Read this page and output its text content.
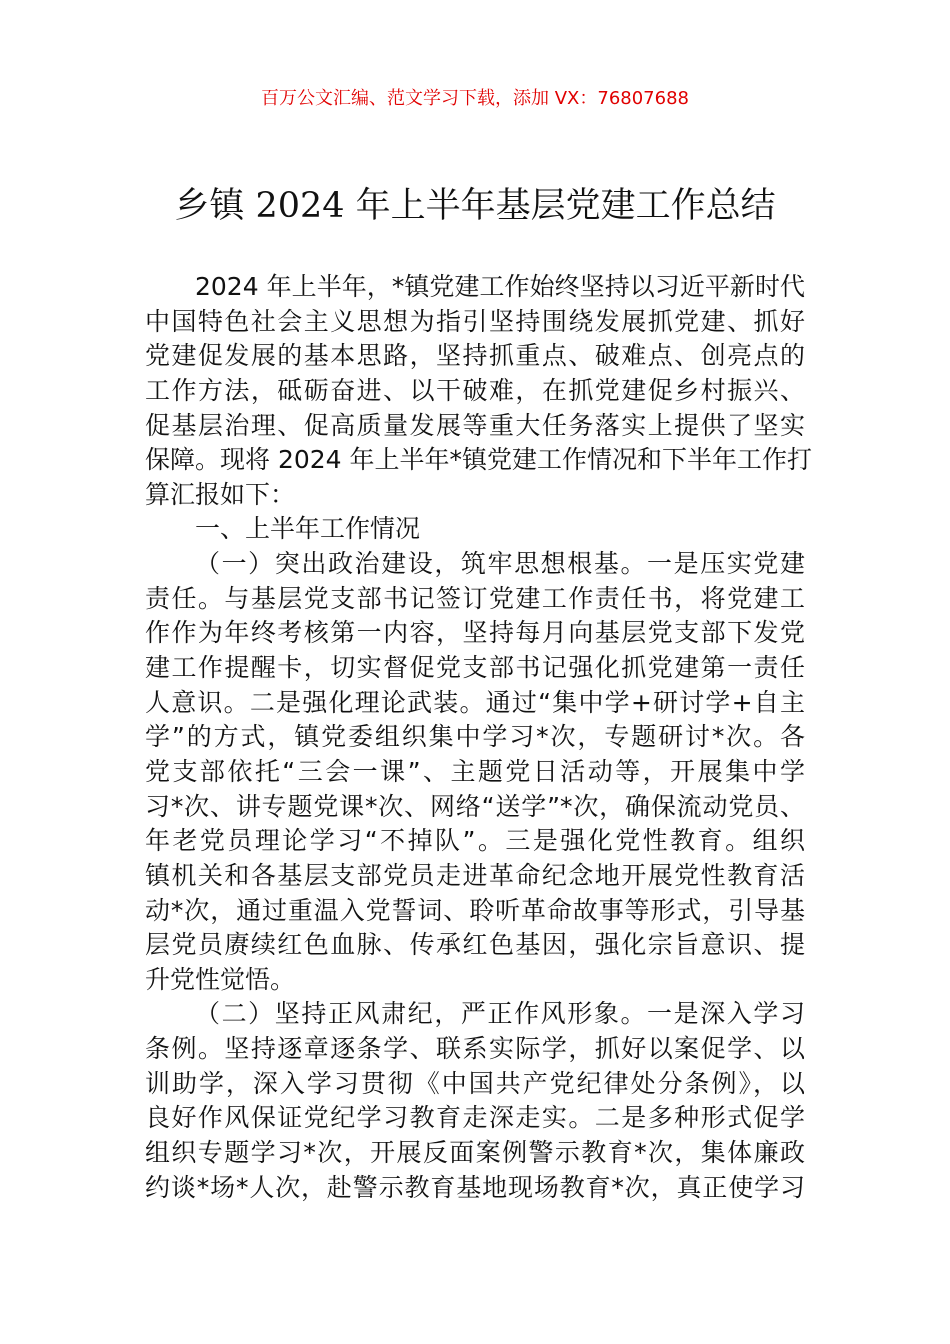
百万公文汇编、范文学习下载，添加 VX：76807688
乡镇 2024 年上半年基层党建工作总结
2024 年上半年，*镇党建工作始终坚持以习近平新时代
中国特色社会主义思想为指引坚持围绕发展抓党建、抓好
党建促发展的基本思路，坚持抓重点、破难点、创亮点的
工作方法，砥砺奋进、以干破难，在抓党建促乡村振兴、
促基层治理、促高质量发展等重大任务落实上提供了坚实
保障。现将 2024 年上半年*镇党建工作情况和下半年工作打
算汇报如下：
一、上半年工作情况
（一）突出政治建设，筑牢思想根基。一是压实党建
责任。与基层党支部书记签订党建工作责任书，将党建工
作作为年终考核第一内容，坚持每月向基层党支部下发党
建工作提醒卡，切实督促党支部书记强化抓党建第一责任
人意识。二是强化理论武装。通过“集中学+研讨学+自主
学”的方式，镇党委组织集中学习*次，专题研讨*次。各
党支部依托“三会一课”、主题党日活动等，开展集中学
习*次、讲专题党课*次、网络“送学”*次，确保流动党员、
年老党员理论学习“不掉队”。三是强化党性教育。组织
镇机关和各基层支部党员走进革命纪念地开展党性教育活
动*次，通过重温入党誓词、聆听革命故事等形式，引导基
层党员赓续红色血脉、传承红色基因，强化宗旨意识、提
升党性觉悟。
（二）坚持正风肃纪，严正作风形象。一是深入学习
条例。坚持逐章逐条学、联系实际学，抓好以案促学、以
训助学，深入学习贯彻《中国共产党纪律处分条例》，以
良好作风保证党纪学习教育走深走实。二是多种形式促学
组织专题学习*次，开展反面案例警示教育*次，集体廉政
约谈*场*人次，赴警示教育基地现场教育*次，真正使学习
